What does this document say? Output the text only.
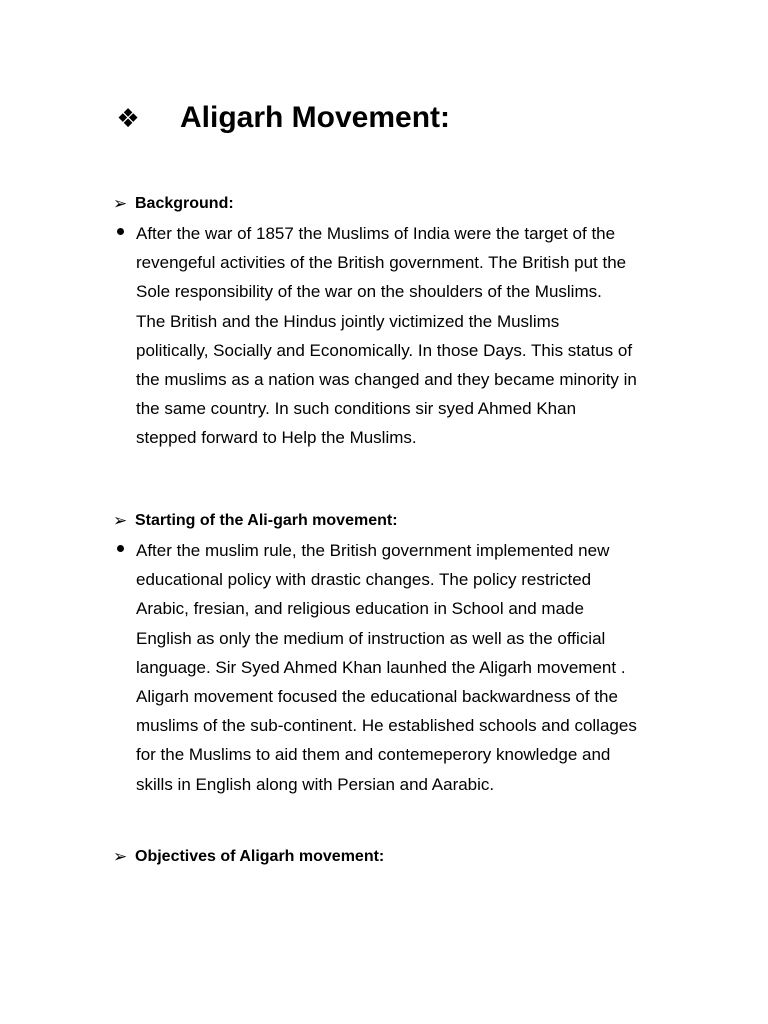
❖ Aligarh Movement:
➢ Background:
After the war of 1857 the Muslims of India were the target of the
revengeful activities of the British government. The British put the
Sole responsibility of the war on the shoulders of the Muslims.
The British and the Hindus jointly victimized the Muslims
politically, Socially and Economically. In those Days. This status of
the muslims as a nation was changed and they became minority in
the same country. In such conditions sir syed Ahmed Khan
stepped forward to Help the Muslims.
➢ Starting of the Ali-garh movement:
After the muslim rule, the British government implemented new
educational policy with drastic changes. The policy restricted
Arabic, fresian, and religious education in School and made
English as only the medium of instruction as well as the official
language. Sir Syed Ahmed Khan launhed the Aligarh movement .
Aligarh movement focused the educational backwardness of the
muslims of the sub-continent. He established schools and collages
for the Muslims to aid them and contemeperory knowledge and
skills in English along with Persian and Aarabic.
➢ Objectives of Aligarh movement:
